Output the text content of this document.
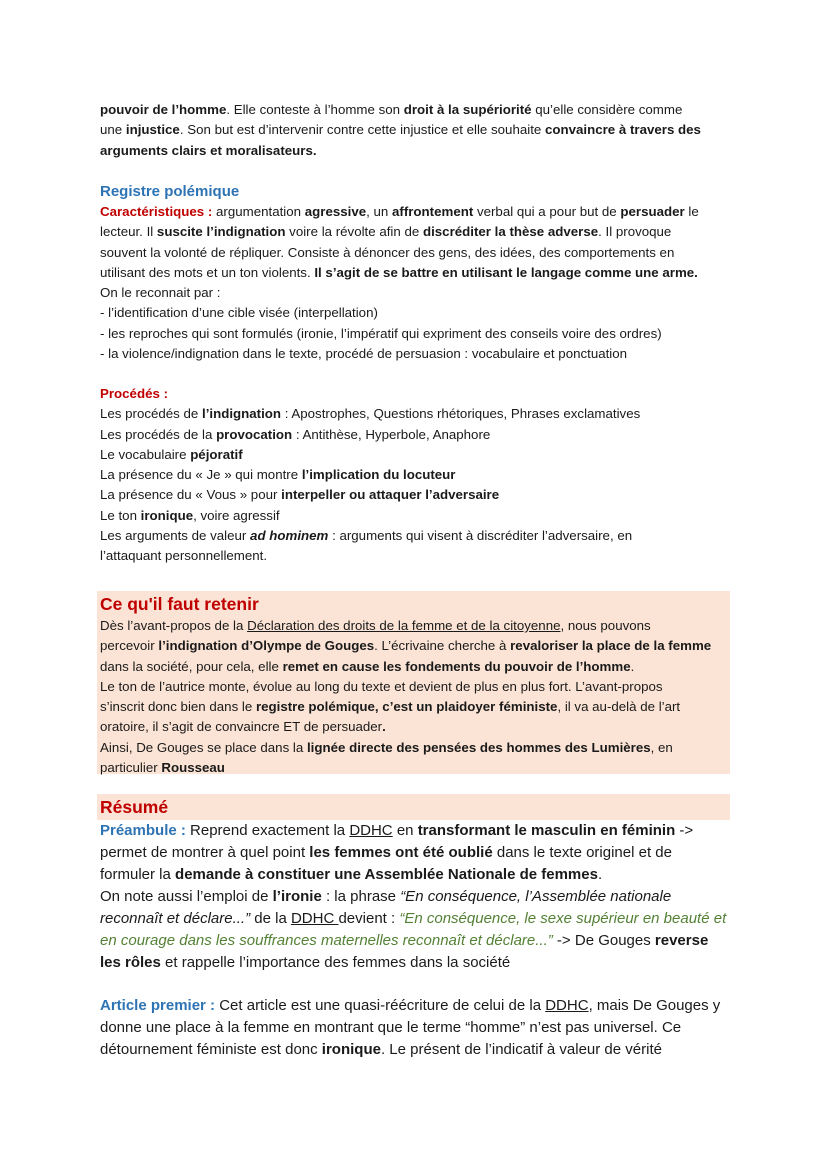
pouvoir de l’homme. Elle conteste à l’homme son droit à la supériorité qu’elle considère comme
une injustice. Son but est d’intervenir contre cette injustice et elle souhaite convaincre à travers des
arguments clairs et moralisateurs.
Registre polémique
Caractéristiques : argumentation agressive, un affrontement verbal qui a pour but de persuader le
lecteur. Il suscite l’indignation voire la révolte afin de discréditer la thèse adverse. Il provoque
souvent la volonté de répliquer. Consiste à dénoncer des gens, des idées, des comportements en
utilisant des mots et un ton violents. Il s’agit de se battre en utilisant le langage comme une arme.
On le reconnait par :
- l’identification d’une cible visée (interpellation)
- les reproches qui sont formulés (ironie, l’impératif qui expriment des conseils voire des ordres)
- la violence/indignation dans le texte, procédé de persuasion : vocabulaire et ponctuation
Procédés :
Les procédés de l’indignation : Apostrophes, Questions rhétoriques, Phrases exclamatives
Les procédés de la provocation : Antithèse, Hyperbole, Anaphore
Le vocabulaire péjoratif
La présence du « Je » qui montre l’implication du locuteur
La présence du « Vous » pour interpeller ou attaquer l’adversaire
Le ton ironique, voire agressif
Les arguments de valeur ad hominem : arguments qui visent à discréditer l’adversaire, en
l’attaquant personnellement.
Ce qu'il faut retenir
Dès l’avant-propos de la Déclaration des droits de la femme et de la citoyenne, nous pouvons
percevoir l’indignation d’Olympe de Gouges. L’écrivaine cherche à revaloriser la place de la femme
dans la société, pour cela, elle remet en cause les fondements du pouvoir de l’homme.
Le ton de l’autrice monte, évolue au long du texte et devient de plus en plus fort. L’avant-propos
s’inscrit donc bien dans le registre polémique, c’est un plaidoyer féministe, il va au-delà de l’art
oratoire, il s’agit de convaincre ET de persuader.
Ainsi, De Gouges se place dans la lignée directe des pensées des hommes des Lumières, en
particulier Rousseau
Résumé
Préambule : Reprend exactement la DDHC en transformant le masculin en féminin ->
permet de montrer à quel point les femmes ont été oublié dans le texte originel et de
formuler la demande à constituer une Assemblée Nationale de femmes.
On note aussi l’emploi de l’ironie : la phrase “En conséquence, l’Assemblée nationale
reconnaît et déclare...” de la DDHC devient : “En conséquence, le sexe supérieur en beauté et
en courage dans les souffrances maternelles reconnaît et déclare...” -> De Gouges reverse
les rôles et rappelle l’importance des femmes dans la société
Article premier : Cet article est une quasi-réécriture de celui de la DDHC, mais De Gouges y
donne une place à la femme en montrant que le terme “homme” n’est pas universel. Ce
détournement féministe est donc ironique. Le présent de l’indicatif à valeur de vérité
